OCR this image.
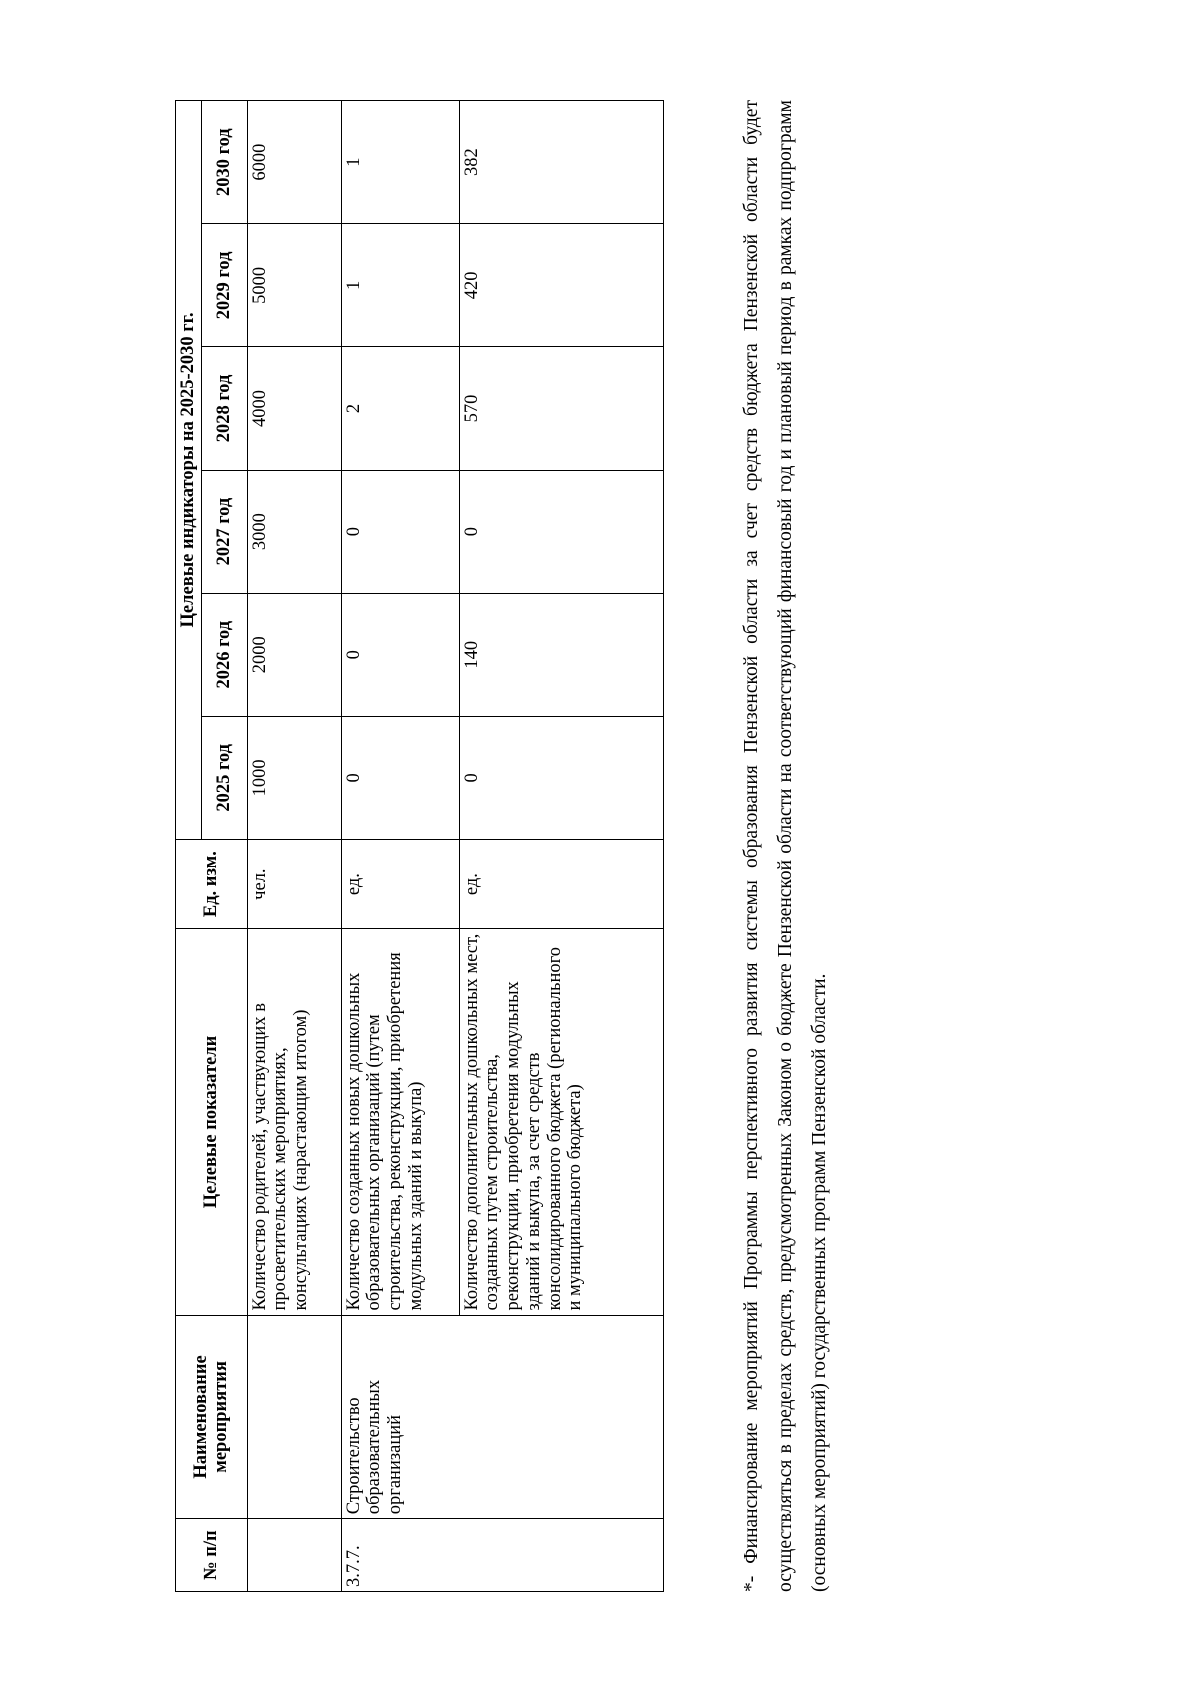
№ п/п	Наименование мероприятия	Целевые показатели	Ед. изм.	Целевые индикаторы на 2025-2030 гг.					
				2025 год	2026 год	2027 год	2028 год	2029 год	2030 год
		Количество родителей, участвующих в просветительских мероприятиях, консультациях (нарастающим итогом)	чел.	1000	2000	3000	4000	5000	6000
3.7.7.	Строительство образовательных организаций	Количество созданных новых дошкольных образовательных организаций (путем строительства, реконструкции, приобретения модульных зданий и выкупа)	ед.	0	0	0	2	1	1
		Количество дополнительных дошкольных мест, созданных путем строительства, реконструкции, приобретения модульных зданий и выкупа, за счет средств консолидированного бюджета (регионального и муниципального бюджета)	ед.	0	140	0	570	420	382	*- Финансирование мероприятий Программы перспективного развития системы образования Пензенской области за счет средств бюджета Пензенской области будет осуществляться в пределах средств, предусмотренных Законом о бюджете Пензенской области на соответствующий финансовый год и плановый период в рамках подпрограмм (основных мероприятий) государственных программ Пензенской области.
